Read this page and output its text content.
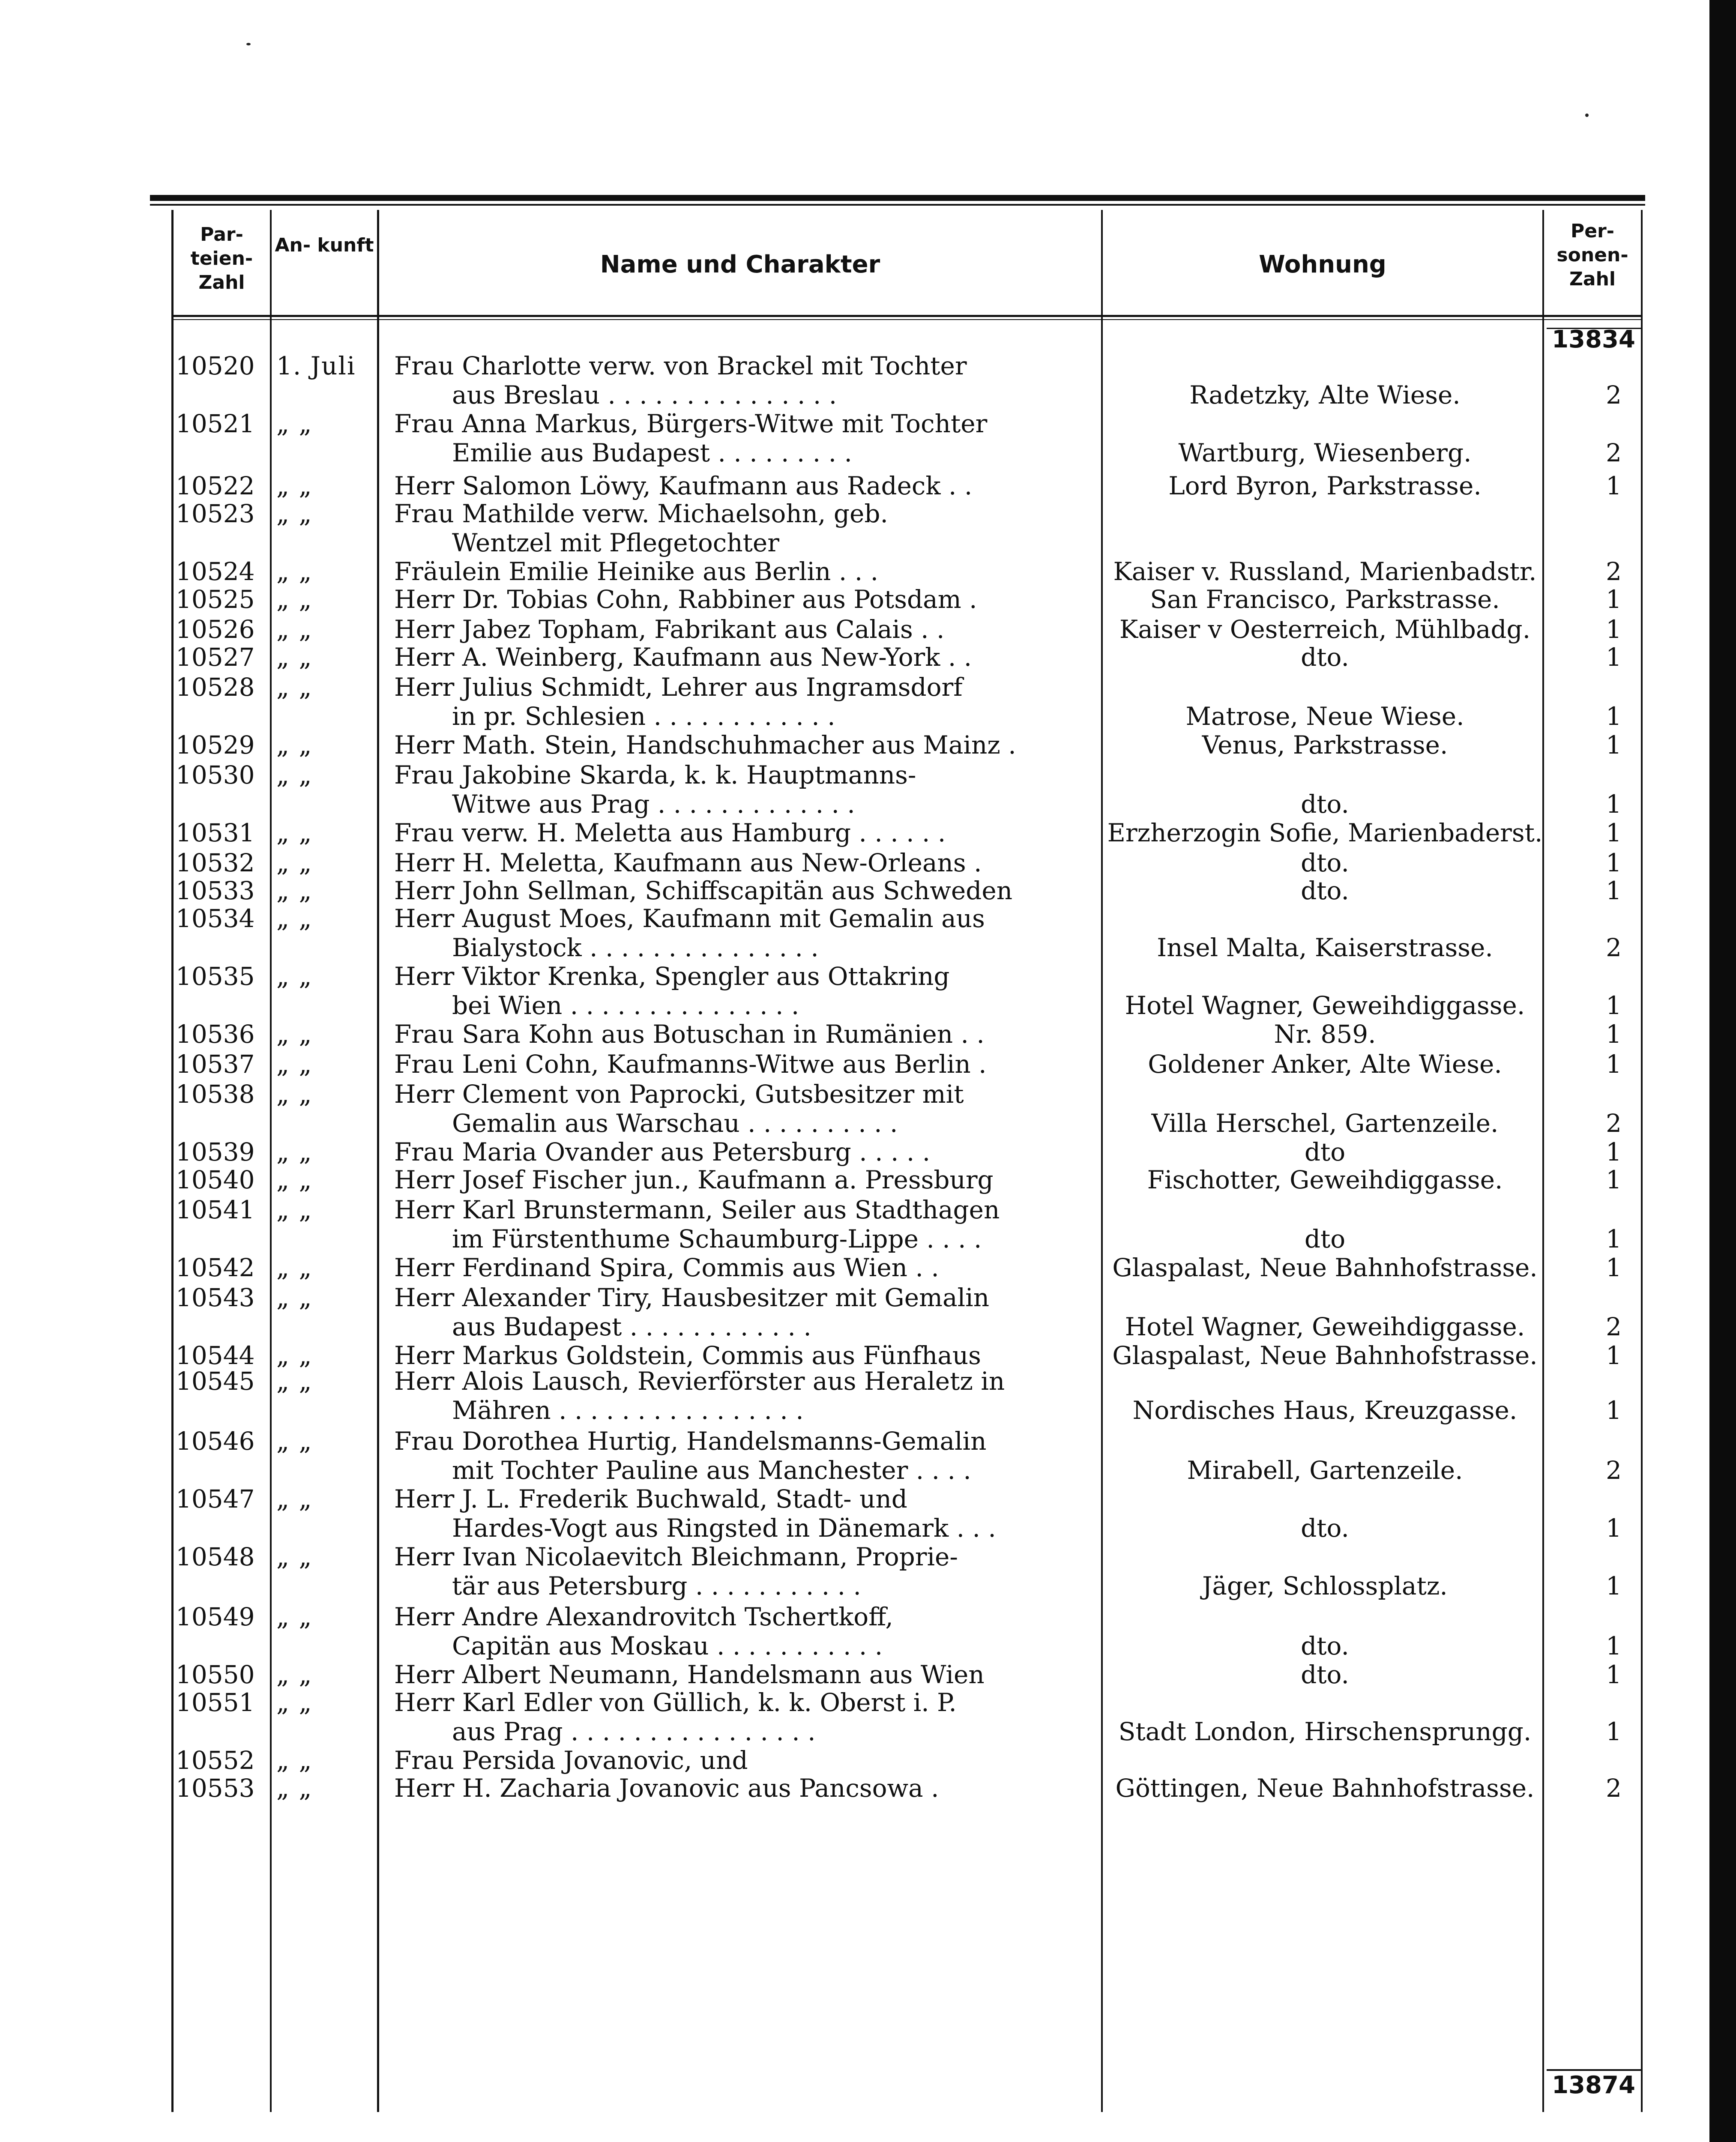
Par- teien- Zahl
An- kunft
Name und Charakter	Wohnung
Per- sonen- Zahl
13834
13874
10520 1. Juli	Frau Charlotte verw. von Brackel mit Tochter
aus Breslau . . . . . . . . . . . . . . .	Radetzky, Alte Wiese.	2
10521 „ „	Frau Anna Markus, Bürgers-Witwe mit Tochter
Emilie aus Budapest . . . . . . . . .	Wartburg, Wiesenberg.	2
10522 „ „	Herr Salomon Löwy, Kaufmann aus Radeck . .	Lord Byron, Parkstrasse.	1
10523 „ „	Frau Mathilde verw. Michaelsohn, geb.
Wentzel mit Pflegetochter
10524 „ „	Fräulein Emilie Heinike aus Berlin . . .	Kaiser v. Russland, Marienbadstr.	2
10525 „ „	Herr Dr. Tobias Cohn, Rabbiner aus Potsdam .	San Francisco, Parkstrasse.	1
10526 „ „	Herr Jabez Topham, Fabrikant aus Calais . .	Kaiser v Oesterreich, Mühlbadg.	1
10527 „ „	Herr A. Weinberg, Kaufmann aus New-York . .	dto.	1
10528 „ „	Herr Julius Schmidt, Lehrer aus Ingramsdorf
in pr. Schlesien . . . . . . . . . . . .	Matrose, Neue Wiese.	1
10529 „ „	Herr Math. Stein, Handschuhmacher aus Mainz .	Venus, Parkstrasse.	1
10530 „ „	Frau Jakobine Skarda, k. k. Hauptmanns-
Witwe aus Prag . . . . . . . . . . . . .	dto.	1
10531 „ „	Frau verw. H. Meletta aus Hamburg . . . . . .	Erzherzogin Sofie, Marienbaderst.	1
10532 „ „	Herr H. Meletta, Kaufmann aus New-Orleans .	dto.	1
10533 „ „	Herr John Sellman, Schiffscapitän aus Schweden	dto.	1
10534 „ „	Herr August Moes, Kaufmann mit Gemalin aus
Bialystock . . . . . . . . . . . . . . .	Insel Malta, Kaiserstrasse.	2
10535 „ „	Herr Viktor Krenka, Spengler aus Ottakring
bei Wien . . . . . . . . . . . . . . .	Hotel Wagner, Geweihdiggasse.	1
10536 „ „	Frau Sara Kohn aus Botuschan in Rumänien . .	Nr. 859.	1
10537 „ „	Frau Leni Cohn, Kaufmanns-Witwe aus Berlin .	Goldener Anker, Alte Wiese.	1
10538 „ „	Herr Clement von Paprocki, Gutsbesitzer mit
Gemalin aus Warschau . . . . . . . . . .	Villa Herschel, Gartenzeile.	2
10539 „ „	Frau Maria Ovander aus Petersburg . . . . .	dto	1
10540 „ „	Herr Josef Fischer jun., Kaufmann a. Pressburg	Fischotter, Geweihdiggasse.	1
10541 „ „	Herr Karl Brunstermann, Seiler aus Stadthagen
im Fürstenthume Schaumburg-Lippe . . . .	dto	1
10542 „ „	Herr Ferdinand Spira, Commis aus Wien . .	Glaspalast, Neue Bahnhofstrasse.	1
10543 „ „	Herr Alexander Tiry, Hausbesitzer mit Gemalin
aus Budapest . . . . . . . . . . . .	Hotel Wagner, Geweihdiggasse.	2
10544 „ „	Herr Markus Goldstein, Commis aus Fünfhaus	Glaspalast, Neue Bahnhofstrasse.	1
10545 „ „	Herr Alois Lausch, Revierförster aus Heraletz in
Mähren . . . . . . . . . . . . . . . .	Nordisches Haus, Kreuzgasse.	1
10546 „ „	Frau Dorothea Hurtig, Handelsmanns-Gemalin
mit Tochter Pauline aus Manchester . . . .	Mirabell, Gartenzeile.	2
10547 „ „	Herr J. L. Frederik Buchwald, Stadt- und
Hardes-Vogt aus Ringsted in Dänemark . . .	dto.	1
10548 „ „	Herr Ivan Nicolaevitch Bleichmann, Proprie-
tär aus Petersburg . . . . . . . . . . .	Jäger, Schlossplatz.	1
10549 „ „	Herr Andre Alexandrovitch Tschertkoff,
Capitän aus Moskau . . . . . . . . . . .	dto.	1
10550 „ „	Herr Albert Neumann, Handelsmann aus Wien	dto.	1
10551 „ „	Herr Karl Edler von Güllich, k. k. Oberst i. P.
aus Prag . . . . . . . . . . . . . . . .	Stadt London, Hirschensprungg.	1
10552 „ „	Frau Persida Jovanovic, und
10553 „ „	Herr H. Zacharia Jovanovic aus Pancsowa .	Göttingen, Neue Bahnhofstrasse.	2
